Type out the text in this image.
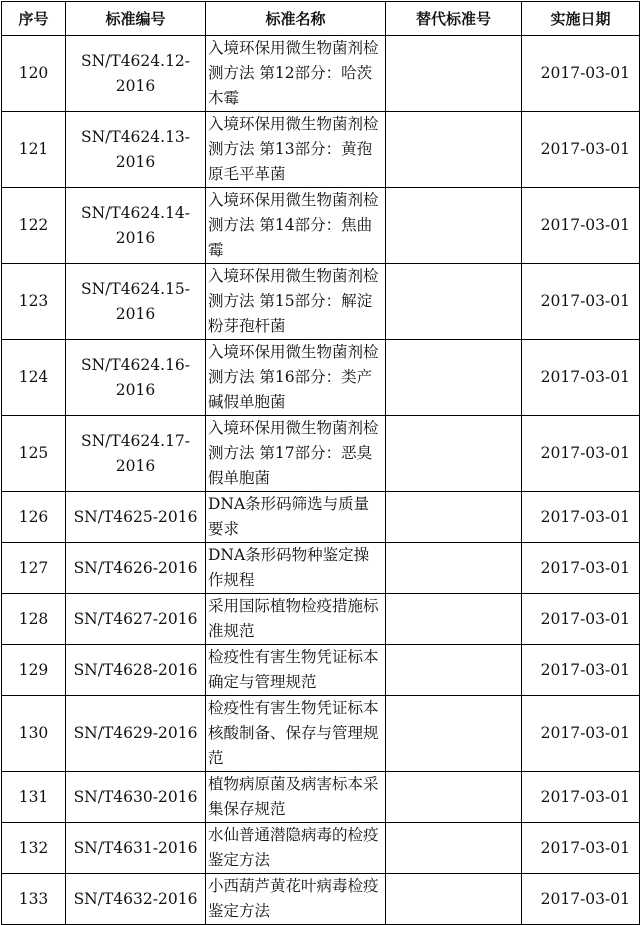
序号	标准编号	标准名称	替代标准号	实施日期
120	SN/T4624.12-2016	入境环保用微生物菌剂检测方法 第12部分：哈茨木霉		2017-03-01
121	SN/T4624.13-2016	入境环保用微生物菌剂检测方法 第13部分：黄孢原毛平革菌		2017-03-01
122	SN/T4624.14-2016	入境环保用微生物菌剂检测方法 第14部分：焦曲霉		2017-03-01
123	SN/T4624.15-2016	入境环保用微生物菌剂检测方法 第15部分：解淀粉芽孢杆菌		2017-03-01
124	SN/T4624.16-2016	入境环保用微生物菌剂检测方法 第16部分：类产碱假单胞菌		2017-03-01
125	SN/T4624.17-2016	入境环保用微生物菌剂检测方法 第17部分：恶臭假单胞菌		2017-03-01
126	SN/T4625-2016	DNA条形码筛选与质量要求		2017-03-01
127	SN/T4626-2016	DNA条形码物种鉴定操作规程		2017-03-01
128	SN/T4627-2016	采用国际植物检疫措施标准规范		2017-03-01
129	SN/T4628-2016	检疫性有害生物凭证标本确定与管理规范		2017-03-01
130	SN/T4629-2016	检疫性有害生物凭证标本核酸制备、保存与管理规范		2017-03-01
131	SN/T4630-2016	植物病原菌及病害标本采集保存规范		2017-03-01
132	SN/T4631-2016	水仙普通潜隐病毒的检疫鉴定方法		2017-03-01
133	SN/T4632-2016	小西葫芦黄花叶病毒检疫鉴定方法		2017-03-01
